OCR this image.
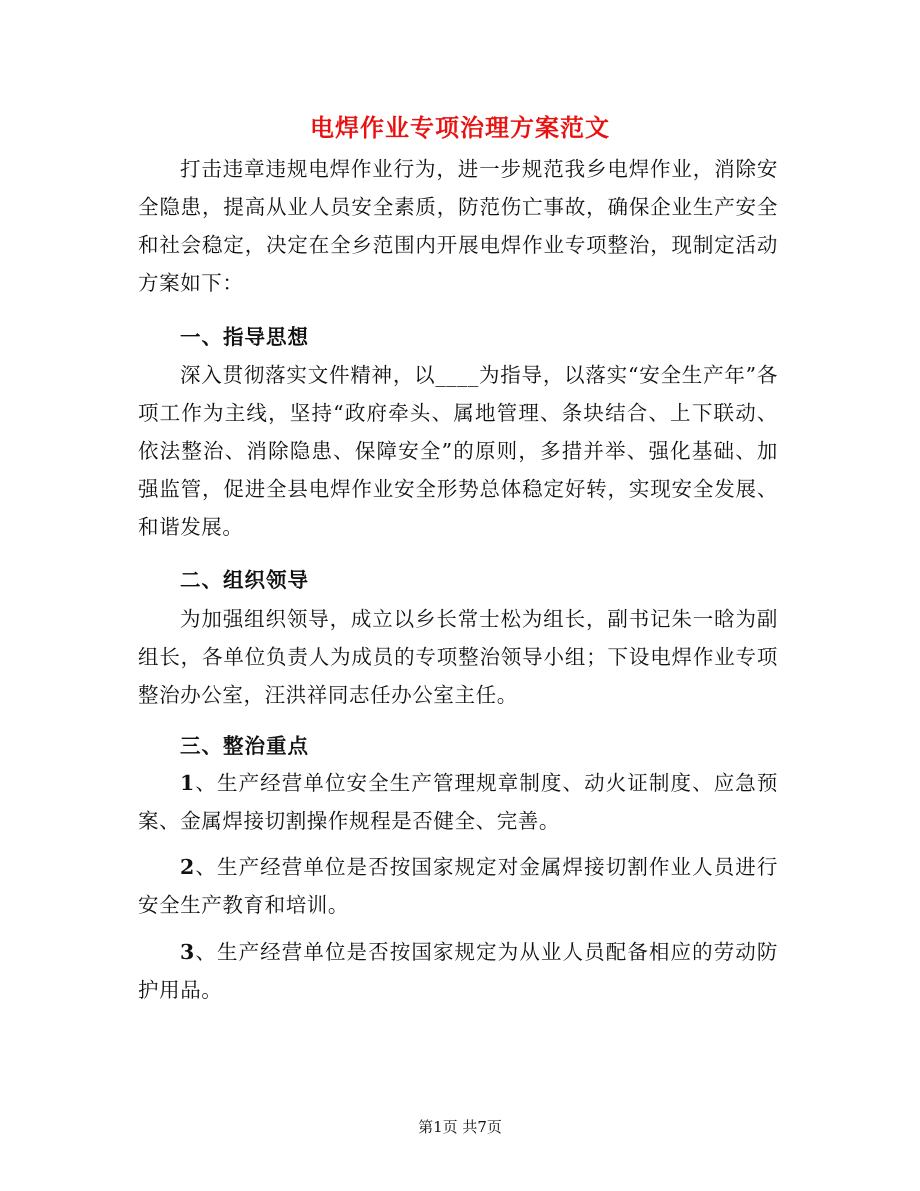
电焊作业专项治理方案范文
打击违章违规电焊作业行为，进一步规范我乡电焊作业，消除安全隐患，提高从业人员安全素质，防范伤亡事故，确保企业生产安全和社会稳定，决定在全乡范围内开展电焊作业专项整治，现制定活动方案如下：
一、指导思想
深入贯彻落实文件精神，以____为指导，以落实“安全生产年”各项工作为主线，坚持“政府牵头、属地管理、条块结合、上下联动、依法整治、消除隐患、保障安全”的原则，多措并举、强化基础、加强监管，促进全县电焊作业安全形势总体稳定好转，实现安全发展、和谐发展。
二、组织领导
为加强组织领导，成立以乡长常士松为组长，副书记朱一晗为副组长，各单位负责人为成员的专项整治领导小组；下设电焊作业专项整治办公室，汪洪祥同志任办公室主任。
三、整治重点
1、生产经营单位安全生产管理规章制度、动火证制度、应急预案、金属焊接切割操作规程是否健全、完善。
2、生产经营单位是否按国家规定对金属焊接切割作业人员进行安全生产教育和培训。
3、生产经营单位是否按国家规定为从业人员配备相应的劳动防护用品。
第1页 共7页
